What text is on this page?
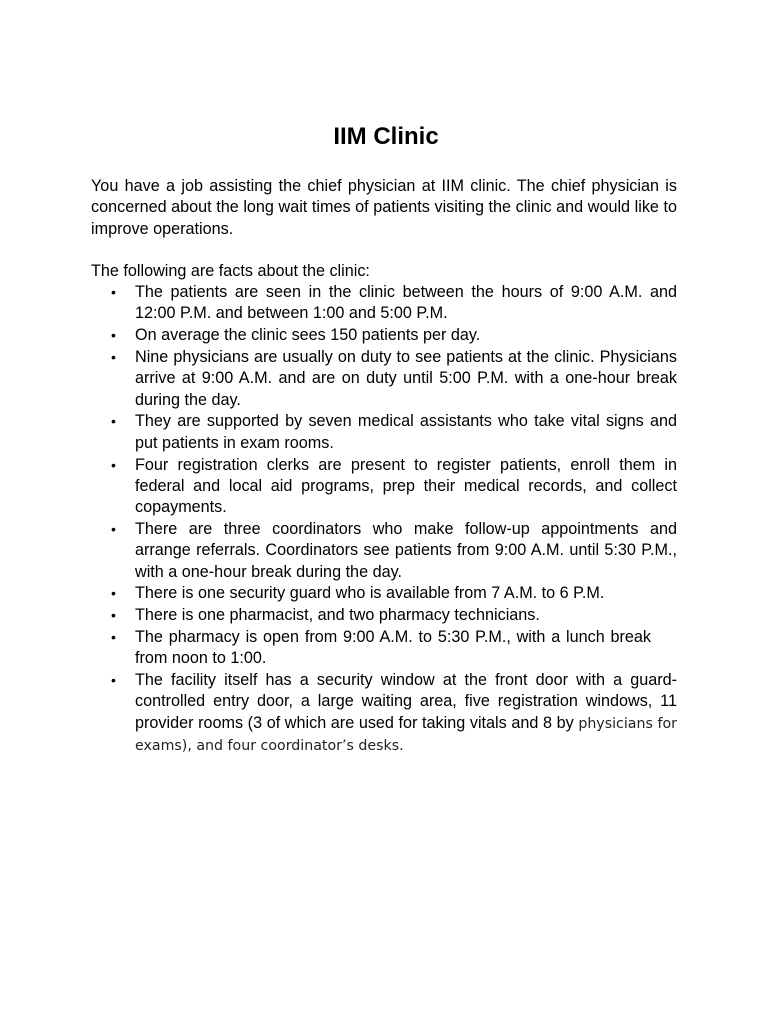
IIM Clinic

You have a job assisting the chief physician at IIM clinic. The chief physician is concerned about the long wait times of patients visiting the clinic and would like to improve operations.

The following are facts about the clinic:

• The patients are seen in the clinic between the hours of 9:00 A.M. and 12:00 P.M. and between 1:00 and 5:00 P.M.
• On average the clinic sees 150 patients per day.
• Nine physicians are usually on duty to see patients at the clinic. Physicians arrive at 9:00 A.M. and are on duty until 5:00 P.M. with a one-hour break during the day.
• They are supported by seven medical assistants who take vital signs and put patients in exam rooms.
• Four registration clerks are present to register patients, enroll them in federal and local aid programs, prep their medical records, and collect copayments.
• There are three coordinators who make follow-up appointments and arrange referrals. Coordinators see patients from 9:00 A.M. until 5:30 P.M., with a one-hour break during the day.
• There is one security guard who is available from 7 A.M. to 6 P.M.
• There is one pharmacist, and two pharmacy technicians.
• The pharmacy is open from 9:00 A.M. to 5:30 P.M., with a lunch breakfrom noon to 1:00.
• The facility itself has a security window at the front door with a guard-controlled entry door, a large waiting area, five registration windows, 11 provider rooms (3 of which are used for taking vitals and 8 by physicians for exams), and four coordinator’s desks.
